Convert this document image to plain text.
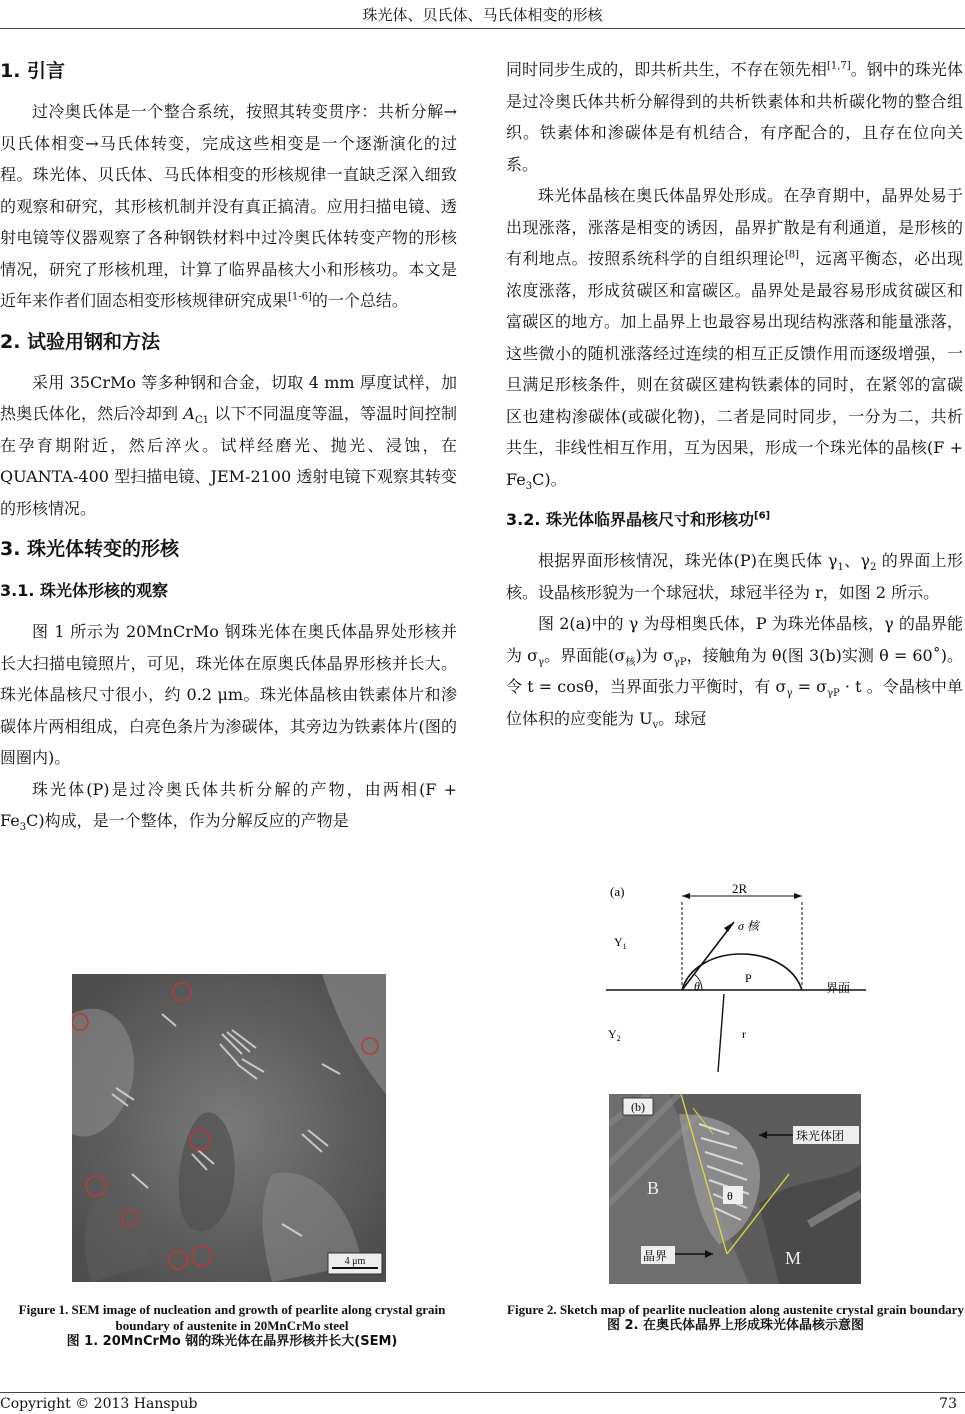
珠光体、贝氏体、马氏体相变的形核
1. 引言

过冷奥氏体是一个整合系统，按照其转变贯序：共析分解→贝氏体相变→马氏体转变，完成这些相变是一个逐渐演化的过程。珠光体、贝氏体、马氏体相变的形核规律一直缺乏深入细致的观察和研究，其形核机制并没有真正搞清。应用扫描电镜、透射电镜等仪器观察了各种钢铁材料中过冷奥氏体转变产物的形核情况，研究了形核机理，计算了临界晶核大小和形核功。本文是近年来作者们固态相变形核规律研究成果[1-6]的一个总结。

2. 试验用钢和方法

采用 35CrMo 等多种钢和合金，切取 4 mm 厚度试样，加热奥氏体化，然后冷却到 $A_{C1}$ 以下不同温度等温，等温时间控制在孕育期附近，然后淬火。试样经磨光、抛光、浸蚀，在 QUANTA-400 型扫描电镜、JEM-2100 透射电镜下观察其转变的形核情况。

3. 珠光体转变的形核
3.1. 珠光体形核的观察

图 1 所示为 20MnCrMo 钢珠光体在奥氏体晶界处形核并长大扫描电镜照片，可见，珠光体在原奥氏体晶界形核并长大。珠光体晶核尺寸很小，约 0.2 μm。珠光体晶核由铁素体片和渗碳体片两相组成，白亮色条片为渗碳体，其旁边为铁素体片(图的圆圈内)。

珠光体(P)是过冷奥氏体共析分解的产物，由两相$(F + Fe_3C)$构成，是一个整体，作为分解反应的产物是

同时同步生成的，即共析共生，不存在领先相[1,7]。钢中的珠光体是过冷奥氏体共析分解得到的共析铁素体和共析碳化物的整合组织。铁素体和渗碳体是有机结合，有序配合的，且存在位向关系。

珠光体晶核在奥氏体晶界处形成。在孕育期中，晶界处易于出现涨落，涨落是相变的诱因，晶界扩散是有利通道，是形核的有利地点。按照系统科学的自组织理论[8]，远离平衡态，必出现浓度涨落，形成贫碳区和富碳区。晶界处是最容易形成贫碳区和富碳区的地方。加上晶界上也最容易出现结构涨落和能量涨落，这些微小的随机涨落经过连续的相互正反馈作用而逐级增强，一旦满足形核条件，则在贫碳区建构铁素体的同时，在紧邻的富碳区也建构渗碳体(或碳化物)，二者是同时同步，一分为二，共析共生，非线性相互作用，互为因果，形成一个珠光体的晶核$(F + Fe_3C)$。

3.2. 珠光体临界晶核尺寸和形核功[6]

根据界面形核情况，珠光体(P)在奥氏体 $\gamma_1$、$\gamma_2$ 的界面上形核。设晶核形貌为一个球冠状，球冠半径为 r，如图 2 所示。

图 2(a)中的 γ 为母相奥氏体，P 为珠光体晶核，γ 的晶界能为 $\sigma_\gamma$。界面能$(\sigma_核)$为 $\sigma_{\gamma P}$，接触角为 θ(图 3(b)实测 θ = 60˚)。令 t = cosθ，当界面张力平衡时，有 $\sigma_\gamma = \sigma_{\gamma P} \cdot t$ 。令晶核中单位体积的应变能为 $U_v$。球冠

4 μm
Figure 1. SEM image of nucleation and growth of pearlite along crystal grain boundary of austenite in 20MnCrMo steel
图 1. 20MnCrMo 钢的珠光体在晶界形核并长大(SEM)
(a)	2R
σ 核
$Y_1$
θ
P
界面
$Y_2$	r
(b)
珠光体团
B	θ
晶界	M
Figure 2. Sketch map of pearlite nucleation along austenite crystal grain boundary
图 2. 在奥氏体晶界上形成珠光体晶核示意图
Copyright © 2013 Hanspub	73
